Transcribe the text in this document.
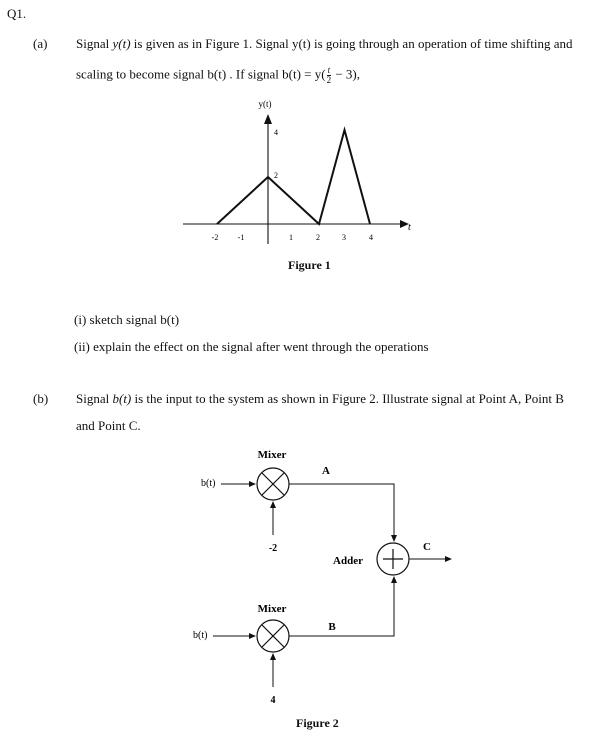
Q1.
(a) Signal y(t) is given as in Figure 1. Signal y(t) is going through an operation of time shifting and
scaling to become signal b(t) . If signal $b(t) = y( \frac{t}{2} - 3)$,
y(t)
t
-2 -1	1	2	3	4
2
4
Figure 1
(i) sketch signal b(t)
(ii) explain the effect on the signal after went through the operations
(b) Signal b(t) is the input to the system as shown in Figure 2. Illustrate signal at Point A, Point B
and Point C.
Mixer
b(t)
-2
A
Adder
C
Mixer
b(t)
4
B
Figure 2
